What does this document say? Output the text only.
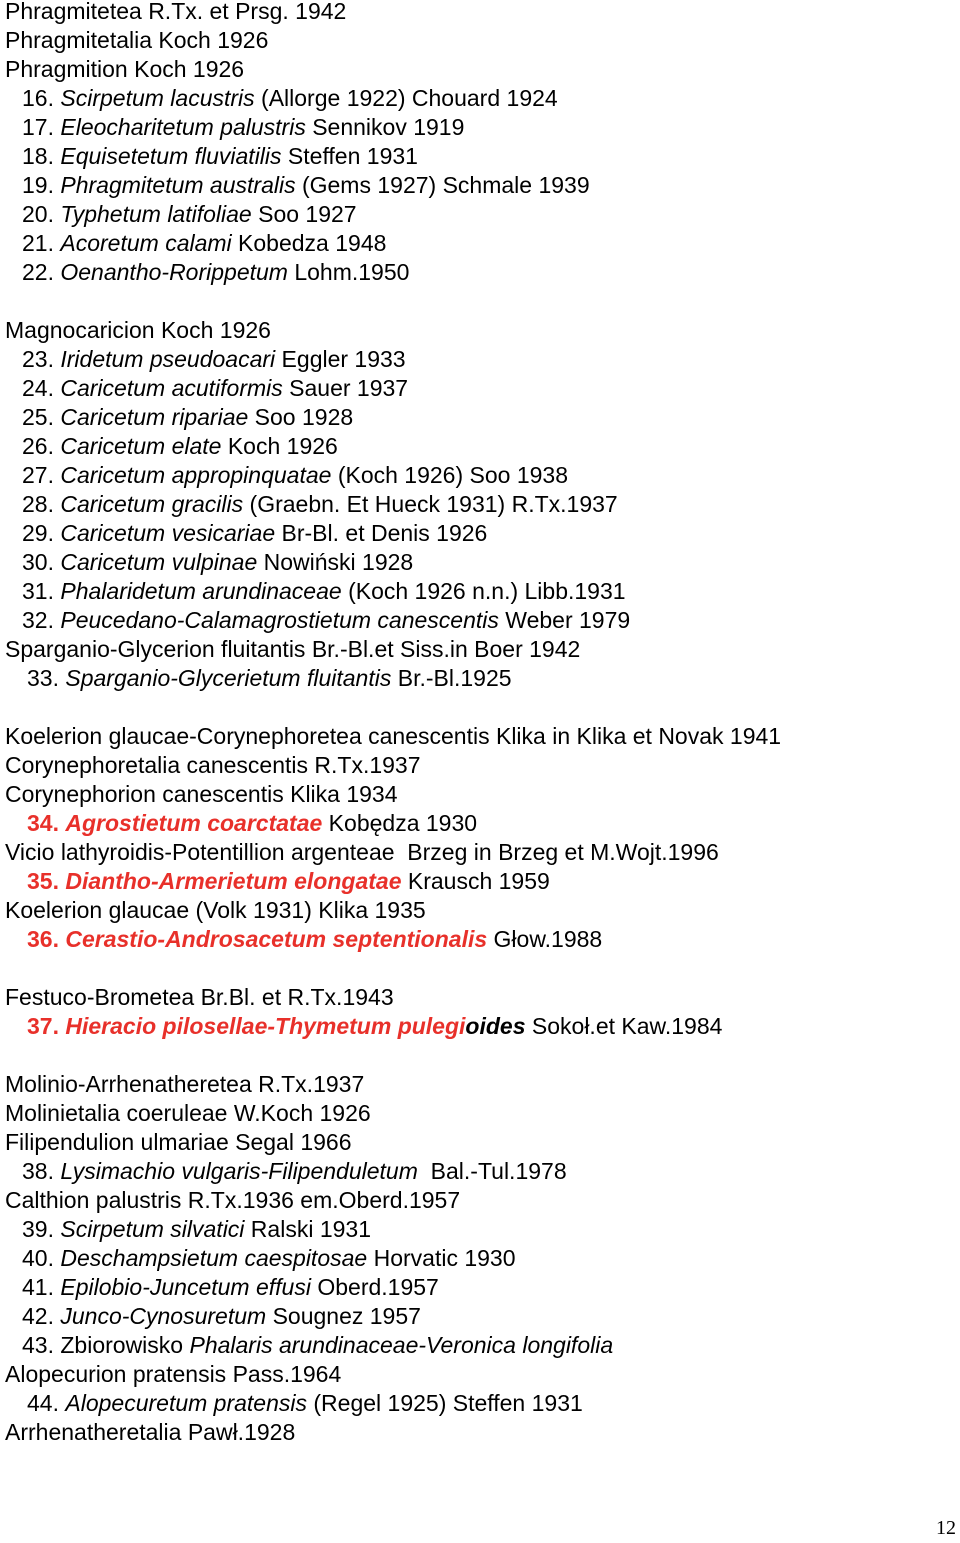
Phragmitetea R.Tx. et Prsg. 1942
Phragmitetalia Koch 1926
Phragmition Koch 1926
16. Scirpetum lacustris (Allorge 1922) Chouard 1924
17. Eleocharitetum palustris Sennikov 1919
18. Equisetetum fluviatilis Steffen 1931
19. Phragmitetum australis (Gems 1927) Schmale 1939
20. Typhetum latifoliae Soo 1927
21. Acoretum calami Kobedza 1948
22. Oenantho-Rorippetum Lohm.1950
Magnocaricion Koch 1926
23. Iridetum pseudoacari Eggler 1933
24. Caricetum acutiformis Sauer 1937
25. Caricetum ripariae Soo 1928
26. Caricetum elate Koch 1926
27. Caricetum appropinquatae (Koch 1926) Soo 1938
28. Caricetum gracilis (Graebn. Et Hueck 1931) R.Tx.1937
29. Caricetum vesicariae Br-Bl. et Denis 1926
30. Caricetum vulpinae Nowiński 1928
31. Phalaridetum arundinaceae (Koch 1926 n.n.) Libb.1931
32. Peucedano-Calamagrostietum canescentis Weber 1979
Sparganio-Glycerion fluitantis Br.-Bl.et Siss.in Boer 1942
33. Sparganio-Glycerietum fluitantis Br.-Bl.1925
Koelerion glaucae-Corynephoretea canescentis Klika in Klika et Novak 1941
Corynephoretalia canescentis R.Tx.1937
Corynephorion canescentis Klika 1934
34. Agrostietum coarctatae Kobędza 1930
Vicio lathyroidis-Potentillion argenteae  Brzeg in Brzeg et M.Wojt.1996
35. Diantho-Armerietum elongatae Krausch 1959
Koelerion glaucae (Volk 1931) Klika 1935
36. Cerastio-Androsacetum septentionalis Głow.1988
Festuco-Brometea Br.Bl. et R.Tx.1943
37. Hieracio pilosellae-Thymetum pulegioides Sokoł.et Kaw.1984
Molinio-Arrhenatheretea R.Tx.1937
Molinietalia coeruleae W.Koch 1926
Filipendulion ulmariae Segal 1966
38. Lysimachio vulgaris-Filipenduletum  Bal.-Tul.1978
Calthion palustris R.Tx.1936 em.Oberd.1957
39. Scirpetum silvatici Ralski 1931
40. Deschampsietum caespitosae Horvatic 1930
41. Epilobio-Juncetum effusi Oberd.1957
42. Junco-Cynosuretum Sougnez 1957
43. Zbiorowisko Phalaris arundinaceae-Veronica longifolia
Alopecurion pratensis Pass.1964
44. Alopecuretum pratensis (Regel 1925) Steffen 1931
Arrhenatheretalia Pawł.1928
12
